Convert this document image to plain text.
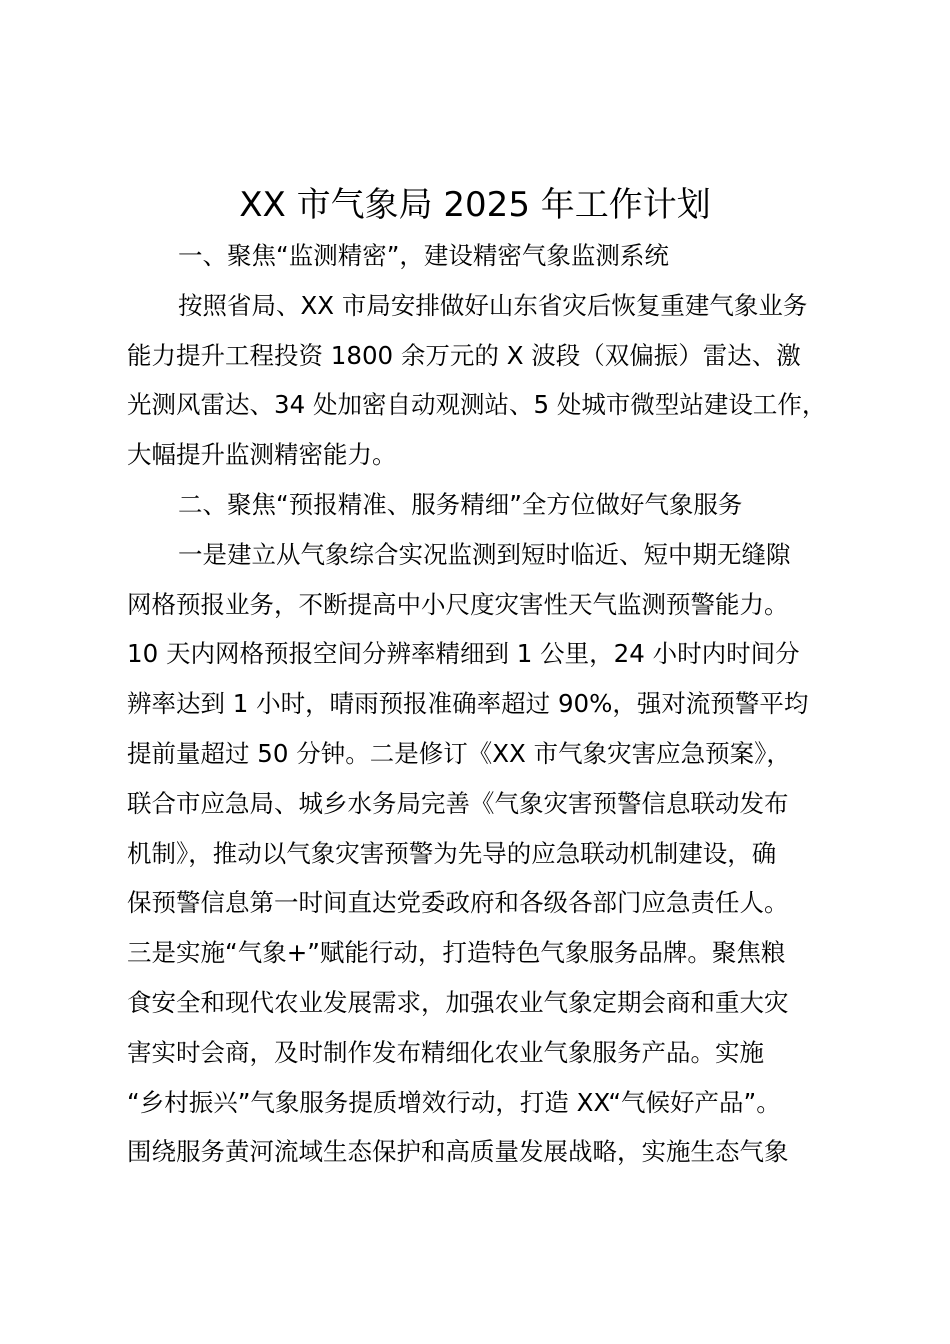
XX 市气象局 2025 年工作计划
一、聚焦“监测精密”，建设精密气象监测系统
按照省局、XX 市局安排做好山东省灾后恢复重建气象业务
能力提升工程投资 1800 余万元的 X 波段（双偏振）雷达、激
光测风雷达、34 处加密自动观测站、5 处城市微型站建设工作，
大幅提升监测精密能力。
二、聚焦“预报精准、服务精细”全方位做好气象服务
一是建立从气象综合实况监测到短时临近、短中期无缝隙
网格预报业务，不断提高中小尺度灾害性天气监测预警能力。
10 天内网格预报空间分辨率精细到 1 公里，24 小时内时间分
辨率达到 1 小时，晴雨预报准确率超过 90%，强对流预警平均
提前量超过 50 分钟。二是修订《XX 市气象灾害应急预案》，
联合市应急局、城乡水务局完善《气象灾害预警信息联动发布
机制》，推动以气象灾害预警为先导的应急联动机制建设，确
保预警信息第一时间直达党委政府和各级各部门应急责任人。
三是实施“气象+”赋能行动，打造特色气象服务品牌。聚焦粮
食安全和现代农业发展需求，加强农业气象定期会商和重大灾
害实时会商，及时制作发布精细化农业气象服务产品。实施
“乡村振兴”气象服务提质增效行动，打造 XX“气候好产品”。
围绕服务黄河流域生态保护和高质量发展战略，实施生态气象
